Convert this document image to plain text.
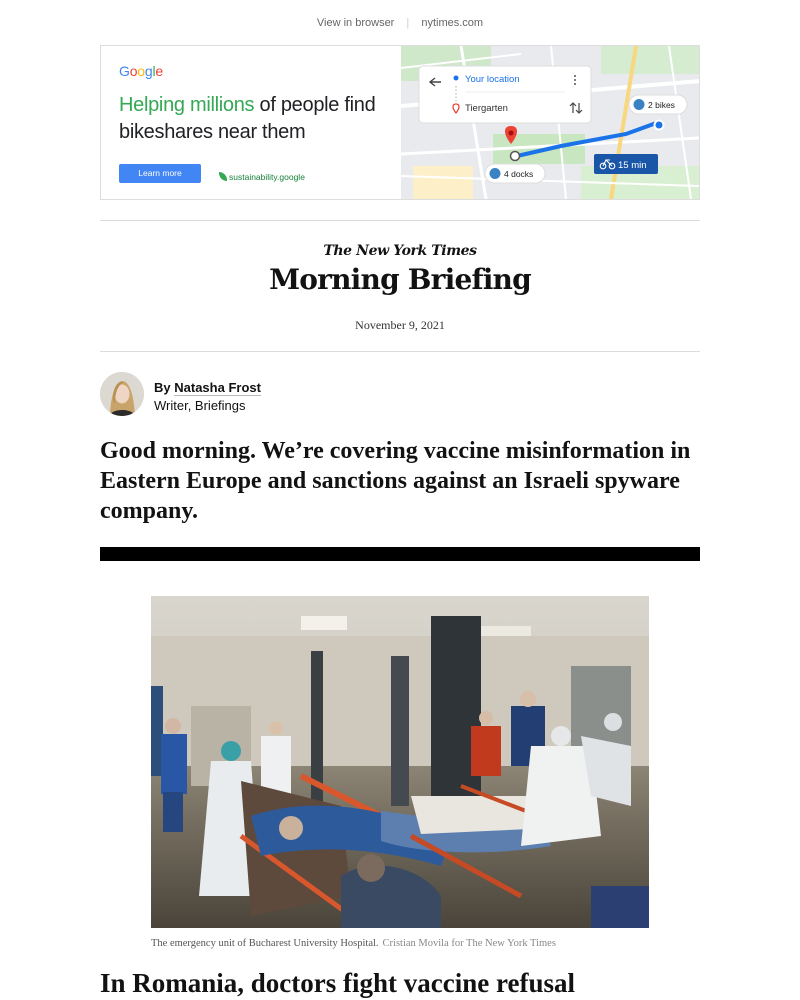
View in browser | nytimes.com
Google
Helping millions of people find bikeshares near them
Learn more	sustainability.google
Your location
Tiergarten	2 bikes
4 docks
15 min
The New York Times
Morning Briefing
November 9, 2021
By Natasha Frost
Writer, Briefings
Good morning. We’re covering vaccine misinformation in Eastern Europe and sanctions against an Israeli spyware company.
The emergency unit of Bucharest University Hospital. Cristian Movila for The New York Times
In Romania, doctors fight vaccine refusal
